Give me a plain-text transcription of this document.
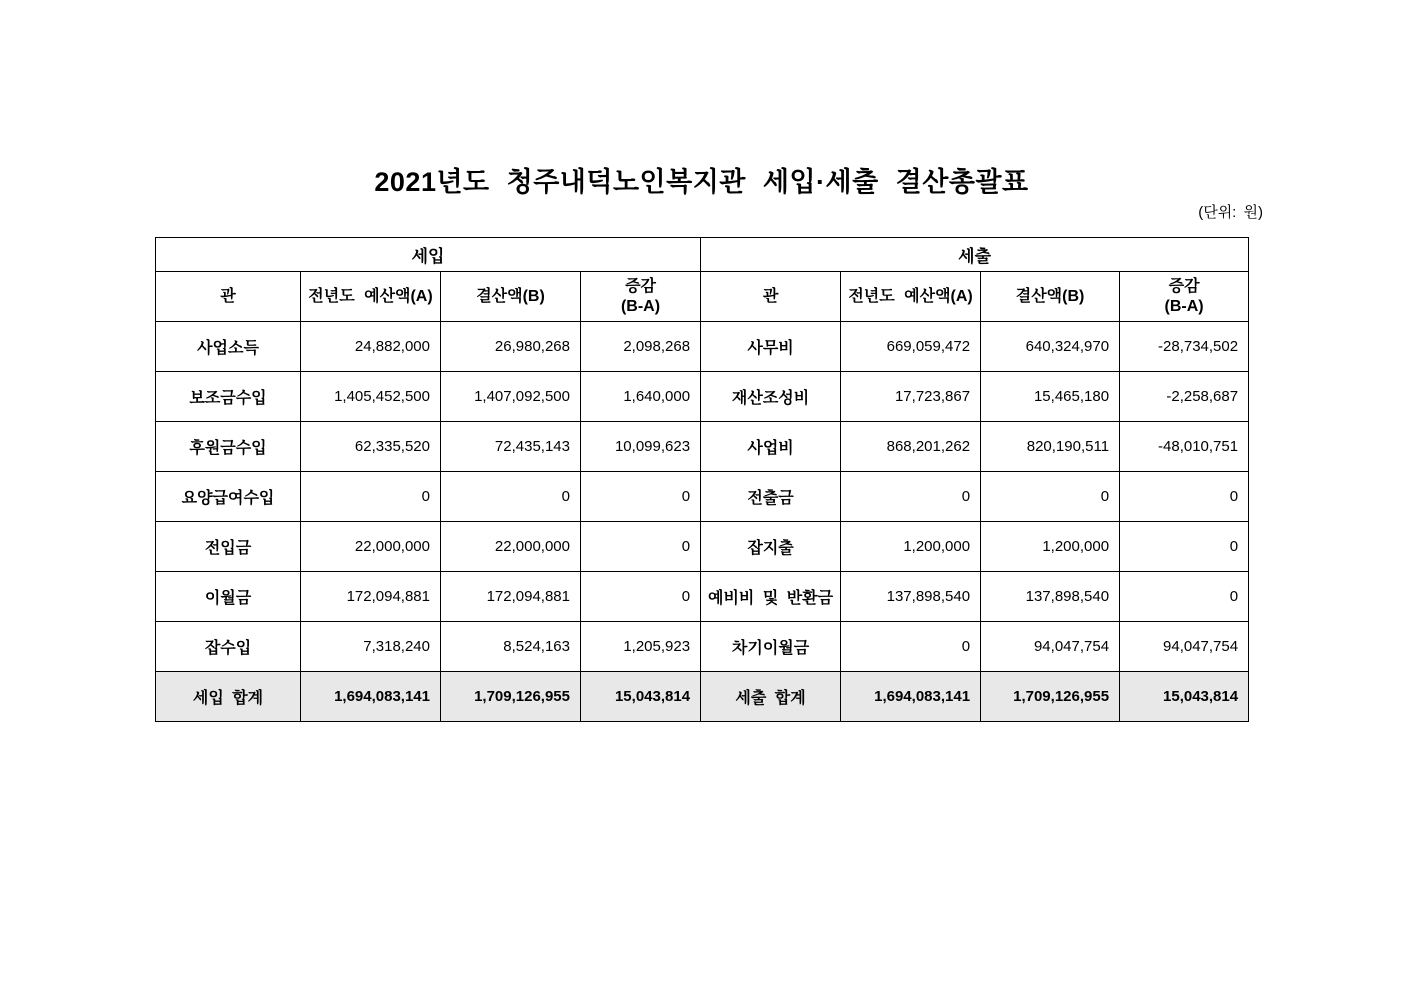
2021년도 청주내덕노인복지관 세입·세출 결산총괄표
(단위: 원)
세입				세출			
관	전년도 예산액(A)	결산액(B)	증감
(B-A)	관	전년도 예산액(A)	결산액(B)	증감
(B-A)

사업소득	24,882,000	26,980,268	2,098,268	사무비	669,059,472	640,324,970	-28,734,502
보조금수입	1,405,452,500	1,407,092,500	1,640,000	재산조성비	17,723,867	15,465,180	-2,258,687
후원금수입	62,335,520	72,435,143	10,099,623	사업비	868,201,262	820,190,511	-48,010,751
요양급여수입	0	0	0	전출금	0	0	0
전입금	22,000,000	22,000,000	0	잡지출	1,200,000	1,200,000	0
이월금	172,094,881	172,094,881	0	예비비 및 반환금	137,898,540	137,898,540	0
잡수입	7,318,240	8,524,163	1,205,923	차기이월금	0	94,047,754	94,047,754
세입 합계	1,694,083,141	1,709,126,955	15,043,814	세출 합계	1,694,083,141	1,709,126,955	15,043,814
